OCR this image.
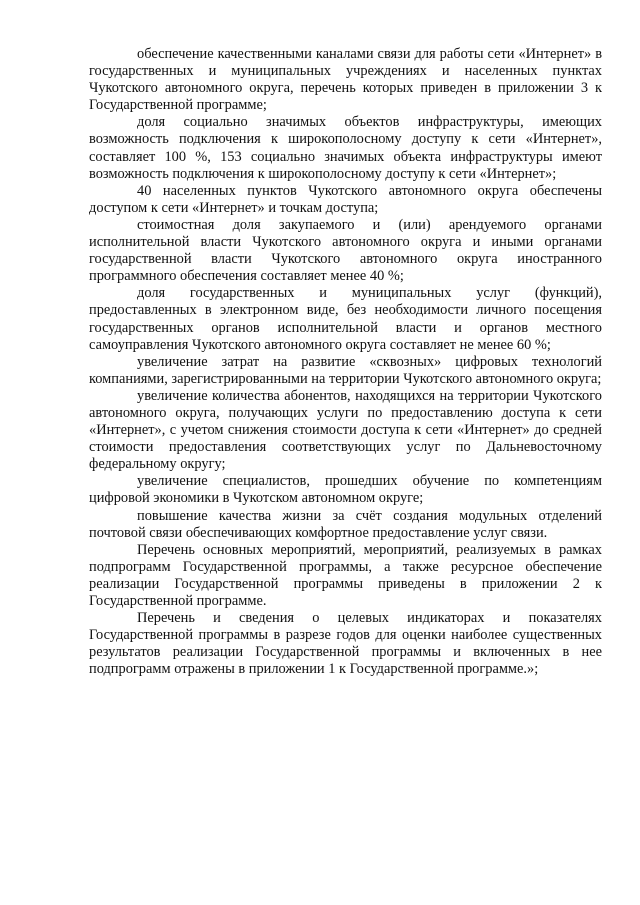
обеспечение качественными каналами связи для работы сети «Интернет» в государственных и муниципальных учреждениях и населенных пунктах Чукотского автономного округа, перечень которых приведен в приложении 3 к Государственной программе;

доля социально значимых объектов инфраструктуры, имеющих возможность подключения к широкополосному доступу к сети «Интернет», составляет 100 %, 153 социально значимых объекта инфраструктуры имеют возможность подключения к широкополосному доступу к сети «Интернет»;

40 населенных пунктов Чукотского автономного округа обеспечены доступом к сети «Интернет» и точкам доступа;

стоимостная доля закупаемого и (или) арендуемого органами исполнительной власти Чукотского автономного округа и иными органами государственной власти Чукотского автономного округа иностранного программного обеспечения составляет менее 40 %;

доля государственных и муниципальных услуг (функций), предоставленных в электронном виде, без необходимости личного посещения государственных органов исполнительной власти и органов местного самоуправления Чукотского автономного округа составляет не менее 60 %;

увеличение затрат на развитие «сквозных» цифровых технологий компаниями, зарегистрированными на территории Чукотского автономного округа;

увеличение количества абонентов, находящихся на территории Чукотского автономного округа, получающих услуги по предоставлению доступа к сети «Интернет», с учетом снижения стоимости доступа к сети «Интернет» до средней стоимости предоставления соответствующих услуг по Дальневосточному федеральному округу;

увеличение специалистов, прошедших обучение по компетенциям цифровой экономики в Чукотском автономном округе;

повышение качества жизни за счёт создания модульных отделений почтовой связи обеспечивающих комфортное предоставление услуг связи.

Перечень основных мероприятий, мероприятий, реализуемых в рамках подпрограмм Государственной программы, а также ресурсное обеспечение реализации Государственной программы приведены в приложении 2 к Государственной программе.

Перечень и сведения о целевых индикаторах и показателях Государственной программы в разрезе годов для оценки наиболее существенных результатов реализации Государственной программы и включенных в нее подпрограмм отражены в приложении 1 к Государственной программе.»;
